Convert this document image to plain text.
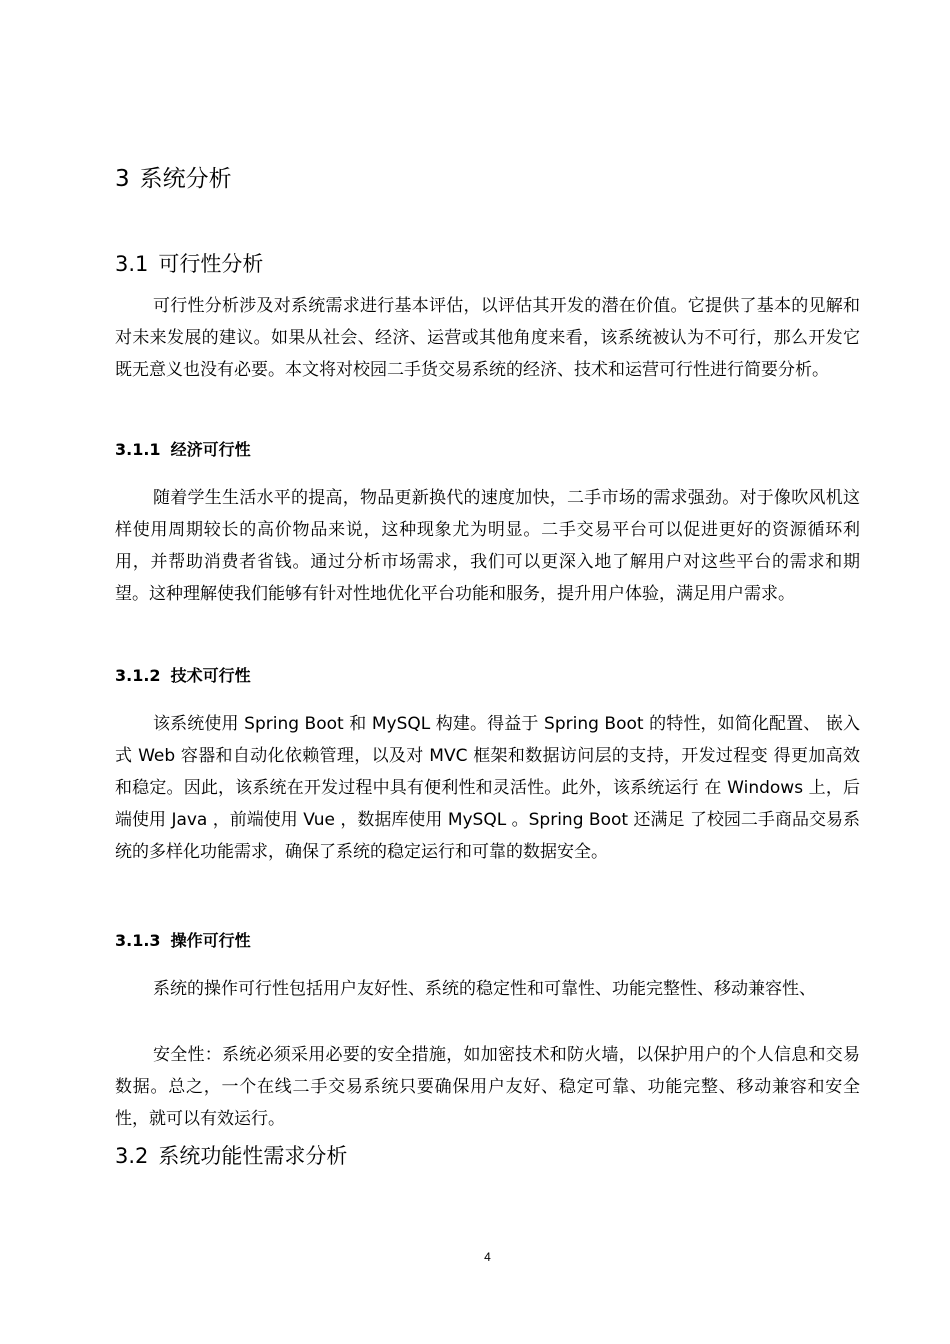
3 系统分析
3.1 可行性分析

可行性分析涉及对系统需求进行基本评估，以评估其开发的潜在价值。它提供了基本的见解和对未来发展的建议。如果从社会、经济、运营或其他角度来看，该系统被认为不可行，那么开发它既无意义也没有必要。本文将对校园二手货交易系统的经济、技术和运营可行性进行简要分析。

3.1.1 经济可行性

随着学生生活水平的提高，物品更新换代的速度加快，二手市场的需求强劲。对于像吹风机这样使用周期较长的高价物品来说，这种现象尤为明显。二手交易平台可以促进更好的资源循环利用，并帮助消费者省钱。通过分析市场需求，我们可以更深入地了解用户对这些平台的需求和期望。这种理解使我们能够有针对性地优化平台功能和服务，提升用户体验，满足用户需求。

3.1.2 技术可行性

该系统使用 Spring Boot 和 MySQL 构建。得益于 Spring Boot 的特性，如简化配置、 嵌入式 Web 容器和自动化依赖管理，以及对 MVC 框架和数据访问层的支持，开发过程变 得更加高效和稳定。因此，该系统在开发过程中具有便利性和灵活性。此外，该系统运行 在 Windows 上，后端使用 Java ，前端使用 Vue ，数据库使用 MySQL 。Spring Boot 还满足 了校园二手商品交易系统的多样化功能需求，确保了系统的稳定运行和可靠的数据安全。

3.1.3 操作可行性

系统的操作可行性包括用户友好性、系统的稳定性和可靠性、功能完整性、移动兼容性、

安全性：系统必须采用必要的安全措施，如加密技术和防火墙，以保护用户的个人信息和交易数据。总之，一个在线二手交易系统只要确保用户友好、稳定可靠、功能完整、移动兼容和安全性，就可以有效运行。

3.2 系统功能性需求分析
4
